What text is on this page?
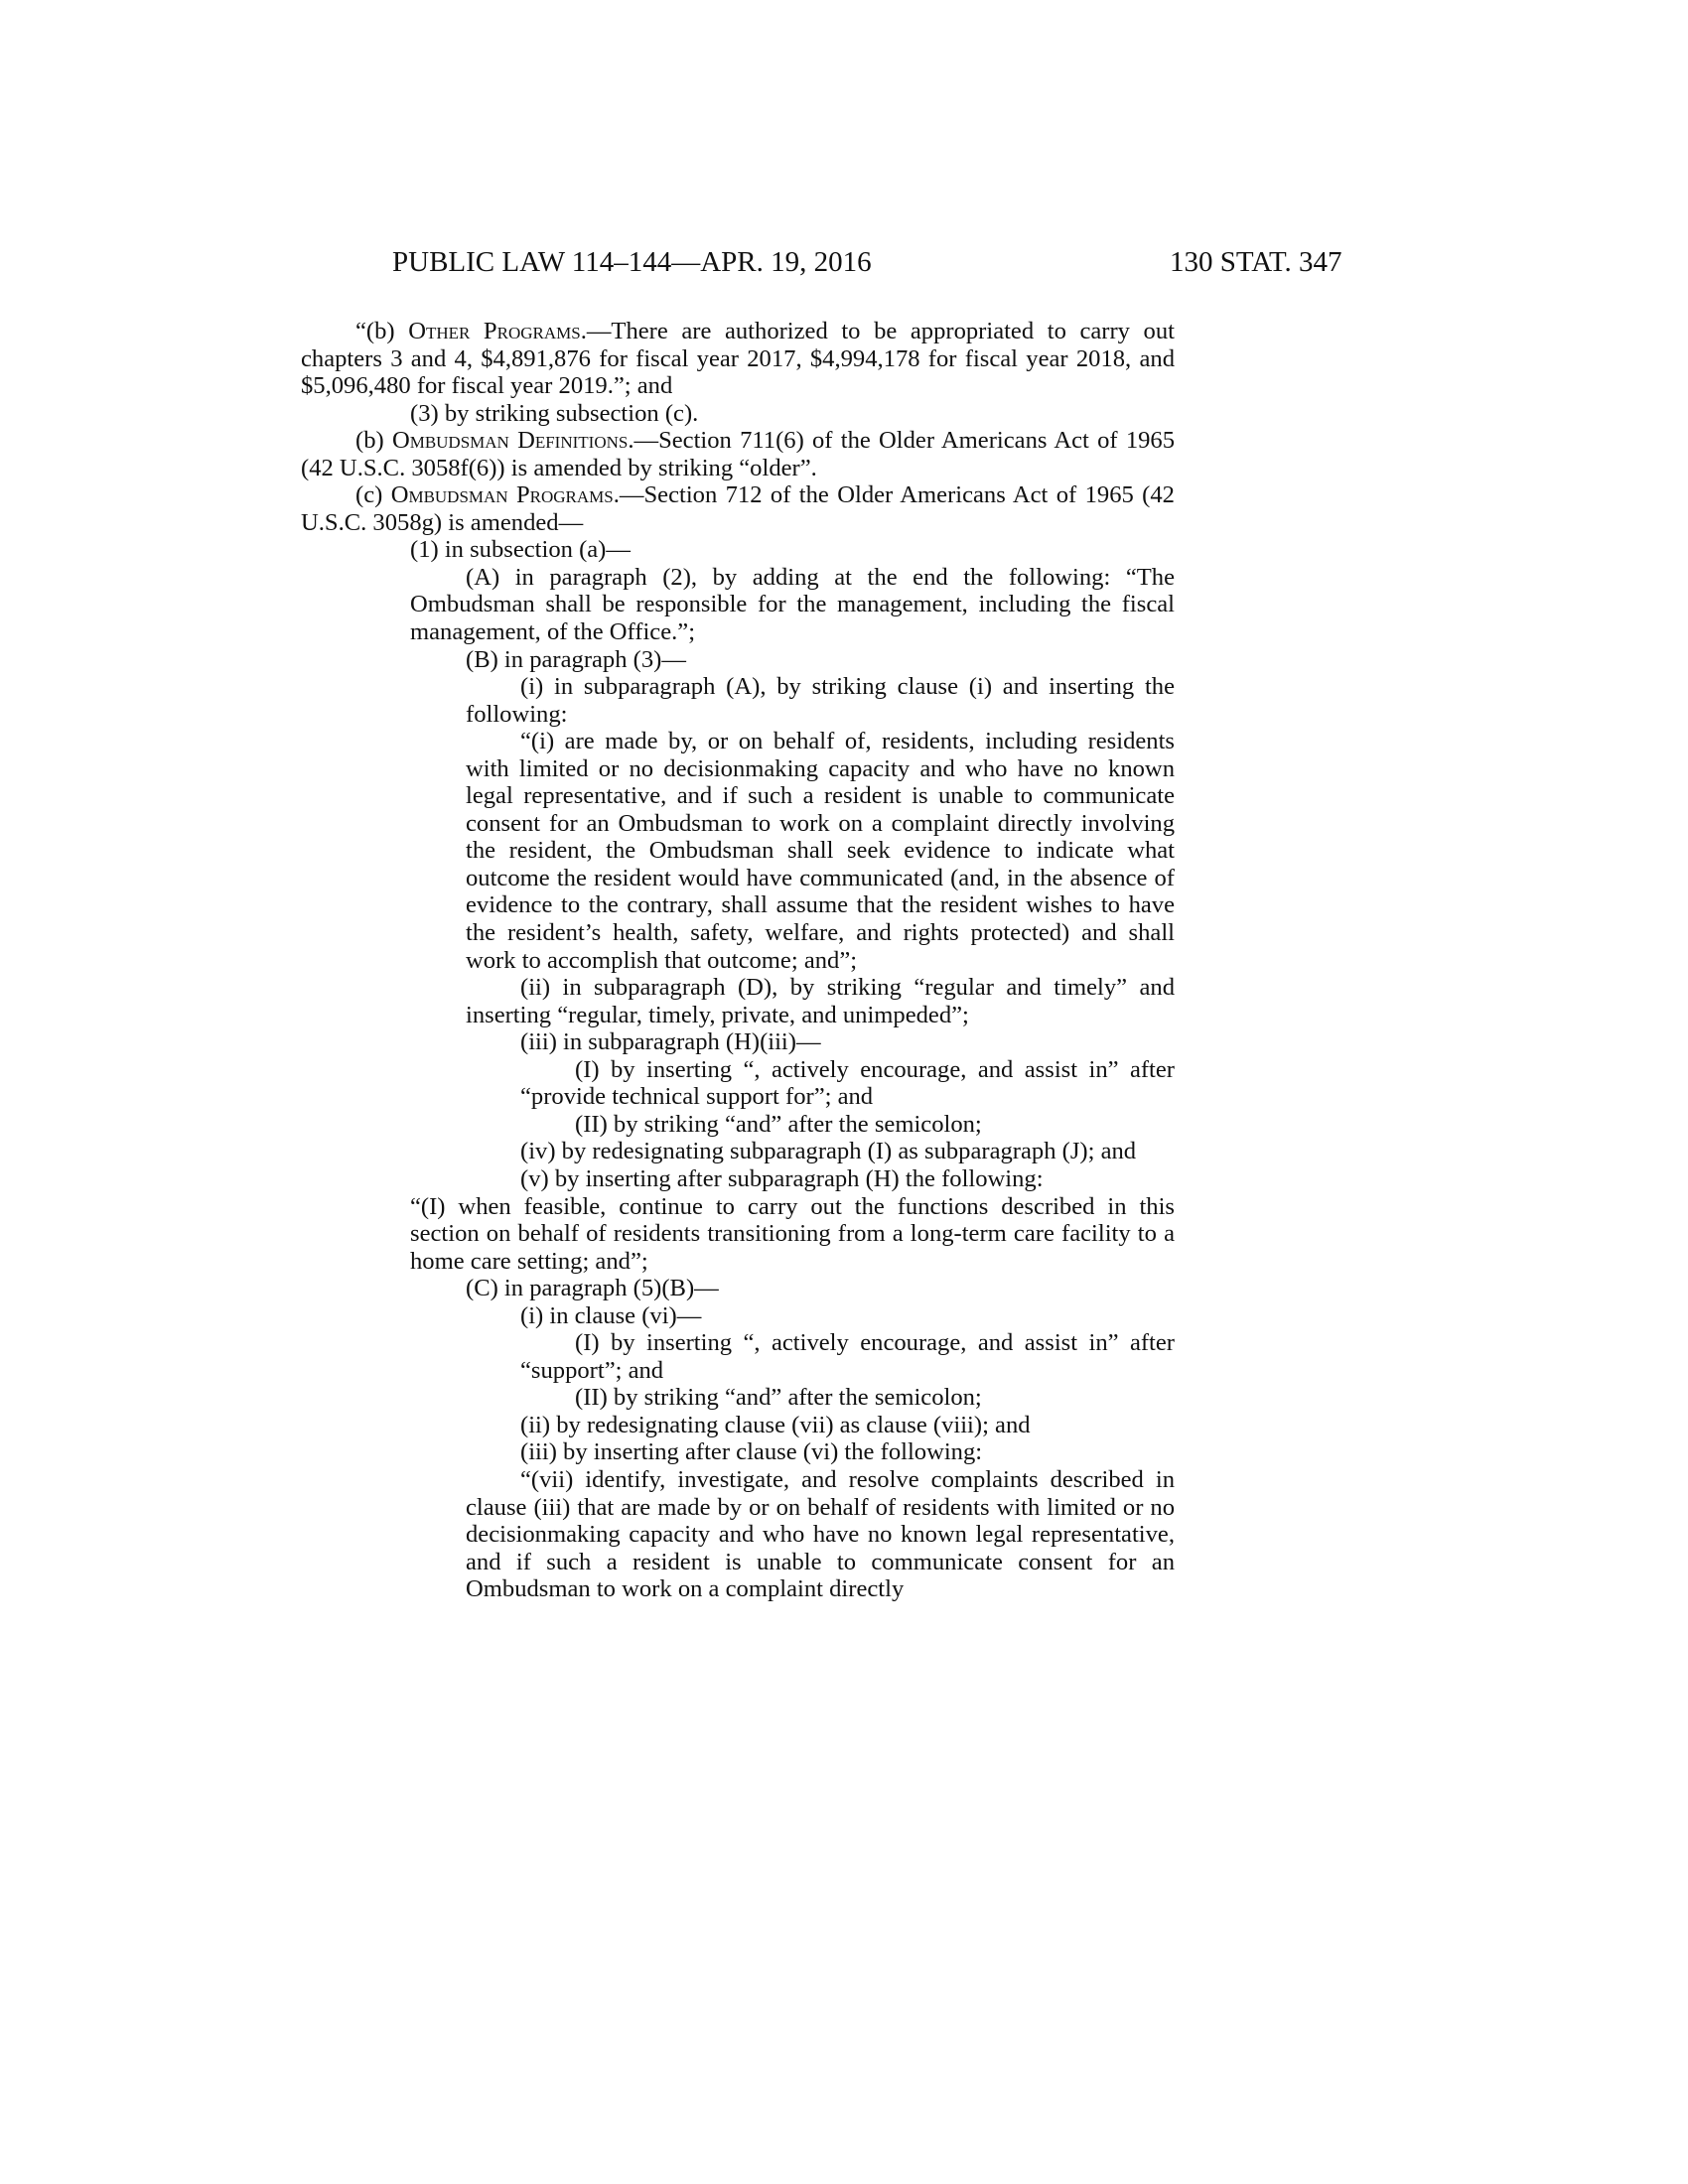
PUBLIC LAW 114–144—APR. 19, 2016	130 STAT. 347

“(b) Other Programs.—There are authorized to be appropriated to carry out chapters 3 and 4, $4,891,876 for fiscal year 2017, $4,994,178 for fiscal year 2018, and $5,096,480 for fiscal year 2019.”; and

(3) by striking subsection (c).

(b) Ombudsman Definitions.—Section 711(6) of the Older Americans Act of 1965 (42 U.S.C. 3058f(6)) is amended by striking “older”.

(c) Ombudsman Programs.—Section 712 of the Older Americans Act of 1965 (42 U.S.C. 3058g) is amended—

(1) in subsection (a)—

(A) in paragraph (2), by adding at the end the following: “The Ombudsman shall be responsible for the management, including the fiscal management, of the Office.”;

(B) in paragraph (3)—

(i) in subparagraph (A), by striking clause (i) and inserting the following:

“(i) are made by, or on behalf of, residents, including residents with limited or no decisionmaking capacity and who have no known legal representative, and if such a resident is unable to communicate consent for an Ombudsman to work on a complaint directly involving the resident, the Ombudsman shall seek evidence to indicate what outcome the resident would have communicated (and, in the absence of evidence to the contrary, shall assume that the resident wishes to have the resident’s health, safety, welfare, and rights protected) and shall work to accomplish that outcome; and”;

(ii) in subparagraph (D), by striking “regular and timely” and inserting “regular, timely, private, and unimpeded”;

(iii) in subparagraph (H)(iii)—

(I) by inserting “, actively encourage, and assist in” after “provide technical support for”; and

(II) by striking “and” after the semicolon;

(iv) by redesignating subparagraph (I) as subparagraph (J); and

(v) by inserting after subparagraph (H) the following:

“(I) when feasible, continue to carry out the functions described in this section on behalf of residents transitioning from a long-term care facility to a home care setting; and”;

(C) in paragraph (5)(B)—

(i) in clause (vi)—

(I) by inserting “, actively encourage, and assist in” after “support”; and

(II) by striking “and” after the semicolon;

(ii) by redesignating clause (vii) as clause (viii); and

(iii) by inserting after clause (vi) the following:

“(vii) identify, investigate, and resolve complaints described in clause (iii) that are made by or on behalf of residents with limited or no decisionmaking capacity and who have no known legal representative, and if such a resident is unable to communicate consent for an Ombudsman to work on a complaint directly
